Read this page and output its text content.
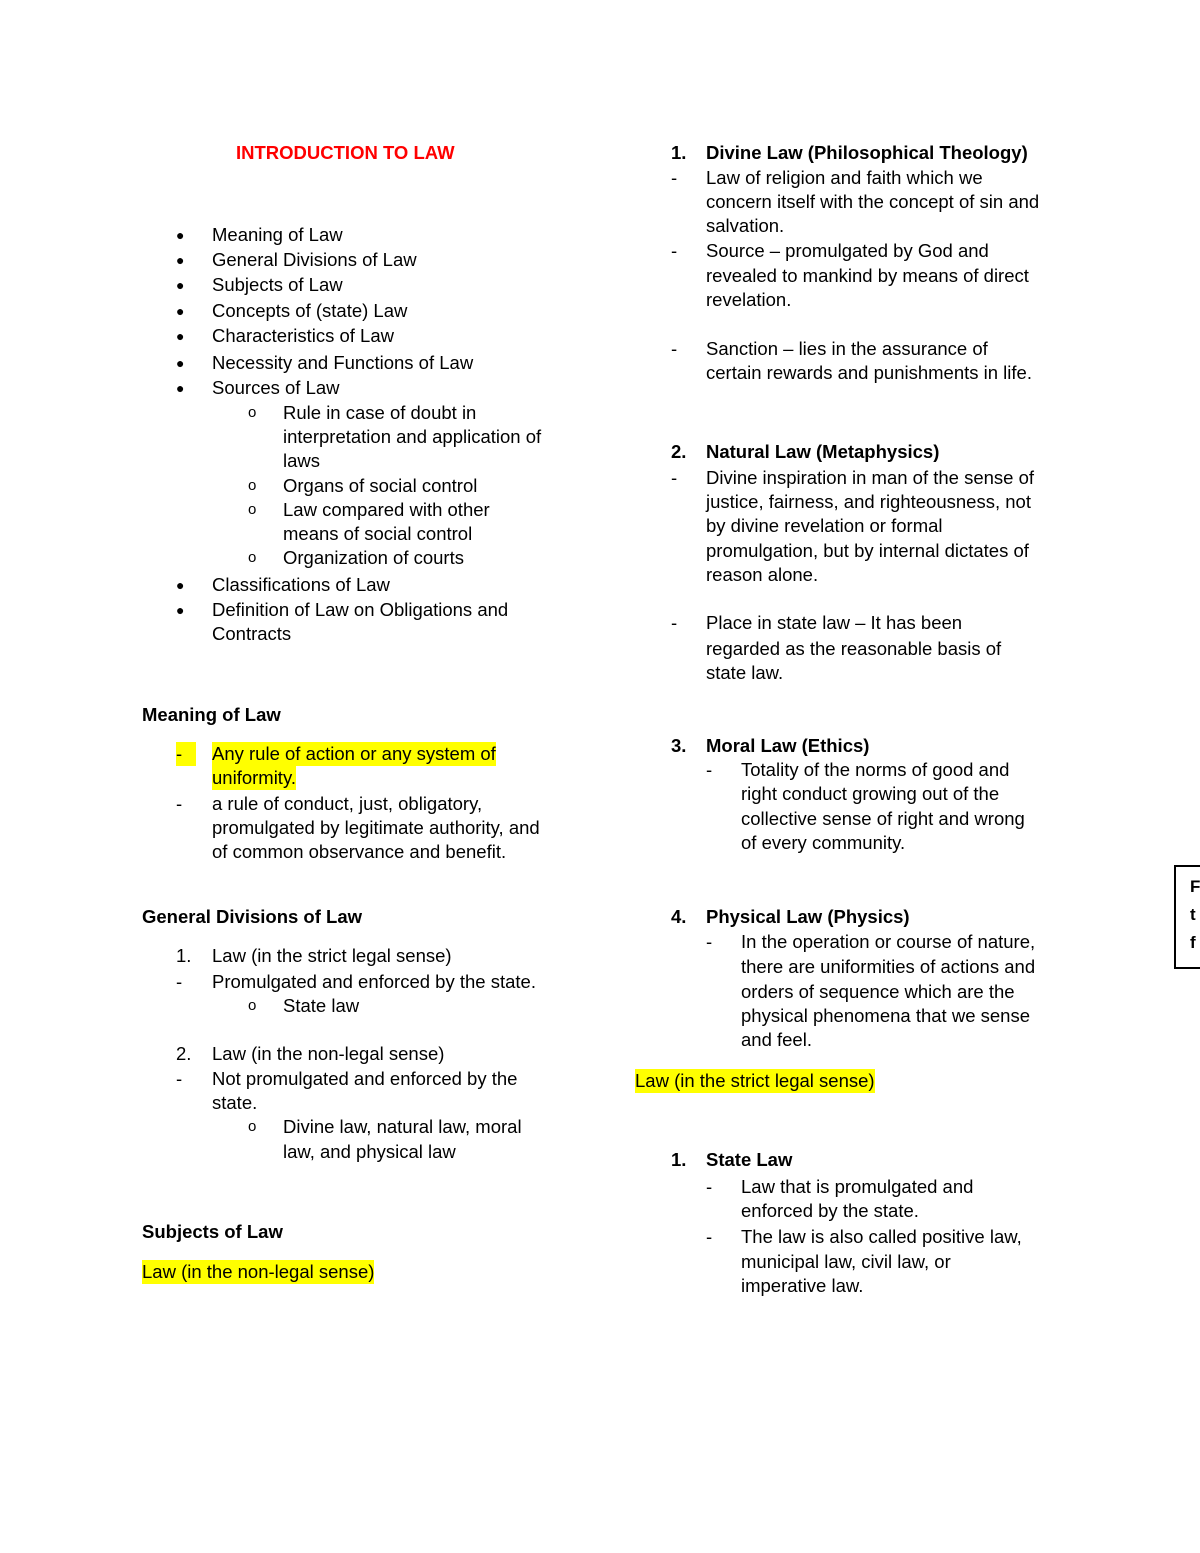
INTRODUCTION TO LAW
● Meaning of Law
● General Divisions of Law
● Subjects of Law
● Concepts of (state) Law
● Characteristics of Law
● Necessity and Functions of Law
● Sources of Law
o Rule in case of doubt in
interpretation and application of
laws
o Organs of social control
o Law compared with other
means of social control
o Organization of courts
● Classifications of Law
● Definition of Law on Obligations and
Contracts
Meaning of Law
-	Any rule of action or any system of
uniformity.
- a rule of conduct, just, obligatory,
promulgated by legitimate authority, and
of common observance and benefit.
General Divisions of Law
1. Law (in the strict legal sense)
- Promulgated and enforced by the state.
o State law
2. Law (in the non-legal sense)
- Not promulgated and enforced by the
state.
o Divine law, natural law, moral
law, and physical law
Subjects of Law
Law (in the non-legal sense)
1. Divine Law (Philosophical Theology)
- Law of religion and faith which we
concern itself with the concept of sin and
salvation.
- Source – promulgated by God and
revealed to mankind by means of direct
revelation.
- Sanction – lies in the assurance of
certain rewards and punishments in life.
2. Natural Law (Metaphysics)
- Divine inspiration in man of the sense of
justice, fairness, and righteousness, not
by divine revelation or formal
promulgation, but by internal dictates of
reason alone.
- Place in state law – It has been
regarded as the reasonable basis of
state law.
3. Moral Law (Ethics)
- Totality of the norms of good and
right conduct growing out of the
collective sense of right and wrong
of every community.
4. Physical Law (Physics)
- In the operation or course of nature,
there are uniformities of actions and
orders of sequence which are the
physical phenomena that we sense
and feel.
Law (in the strict legal sense)
1. State Law
- Law that is promulgated and
enforced by the state.
- The law is also called positive law,
municipal law, civil law, or
imperative law.
F
t
f
